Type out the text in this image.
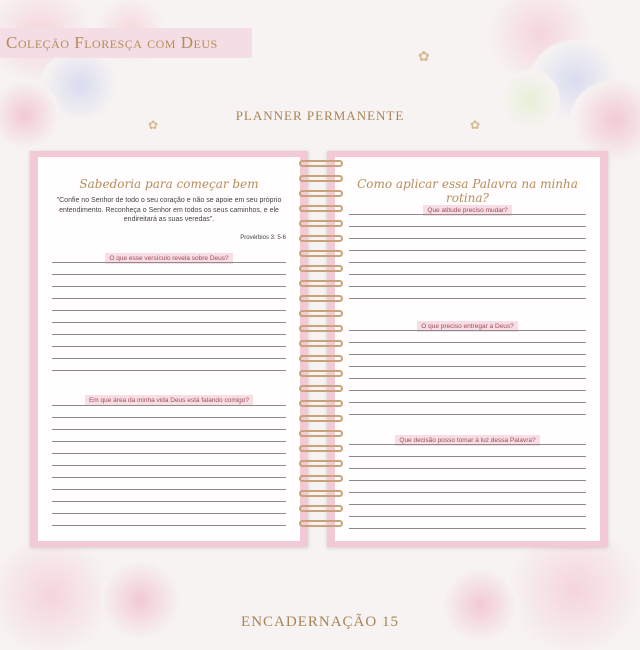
✿
✿	✿
Coleção Floresça com Deus
PLANNER PERMANENTE
Sabedoria para começar bem
"Confie no Senhor de todo o seu coração e não se apoie em seu próprio entendimento. Reconheça o Senhor em todos os seus caminhos, e ele endireitará as suas veredas".
Provérbios 3: 5-6
O que esse versículo revela sobre Deus?
Em que área da minha vida Deus está falando comigo?
Como aplicar essa Palavra na minha rotina?
Que atitude preciso mudar?
O que preciso entregar a Deus?
Que decisão posso tomar à luz dessa Palavra?
ENCADERNAÇÃO 15
